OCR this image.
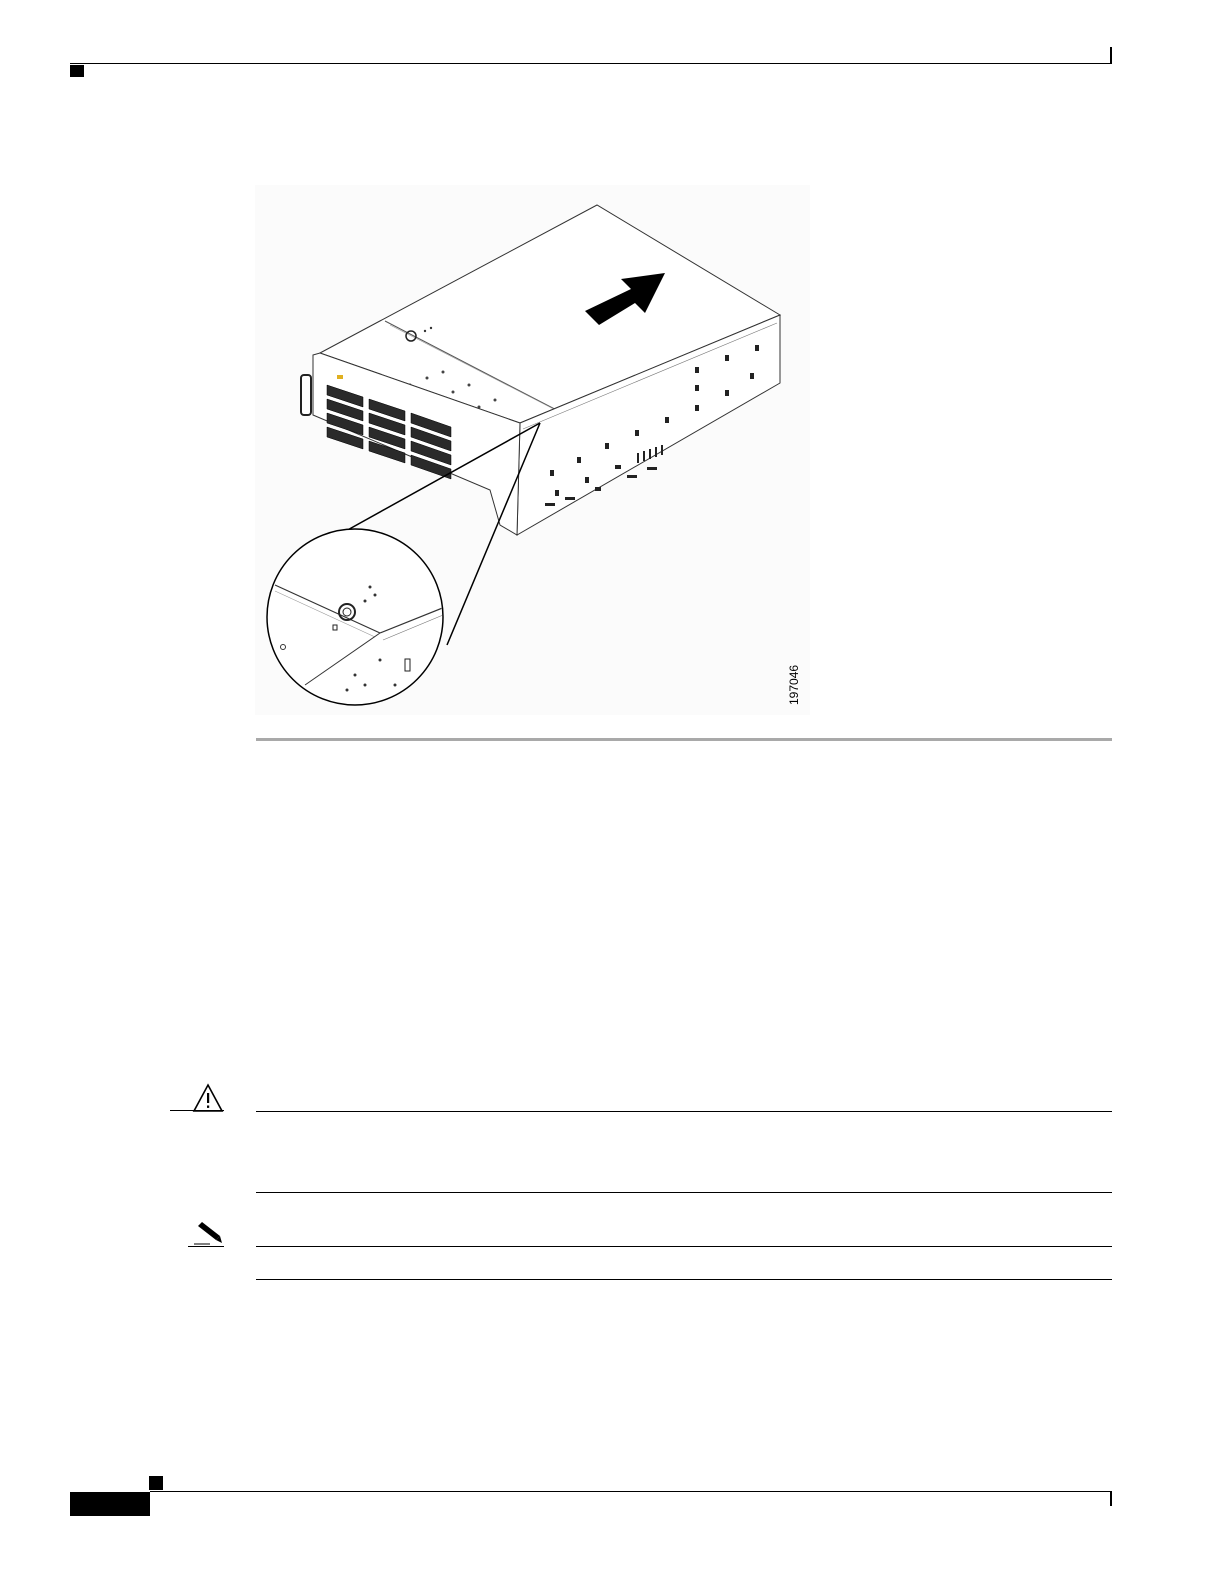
197046
